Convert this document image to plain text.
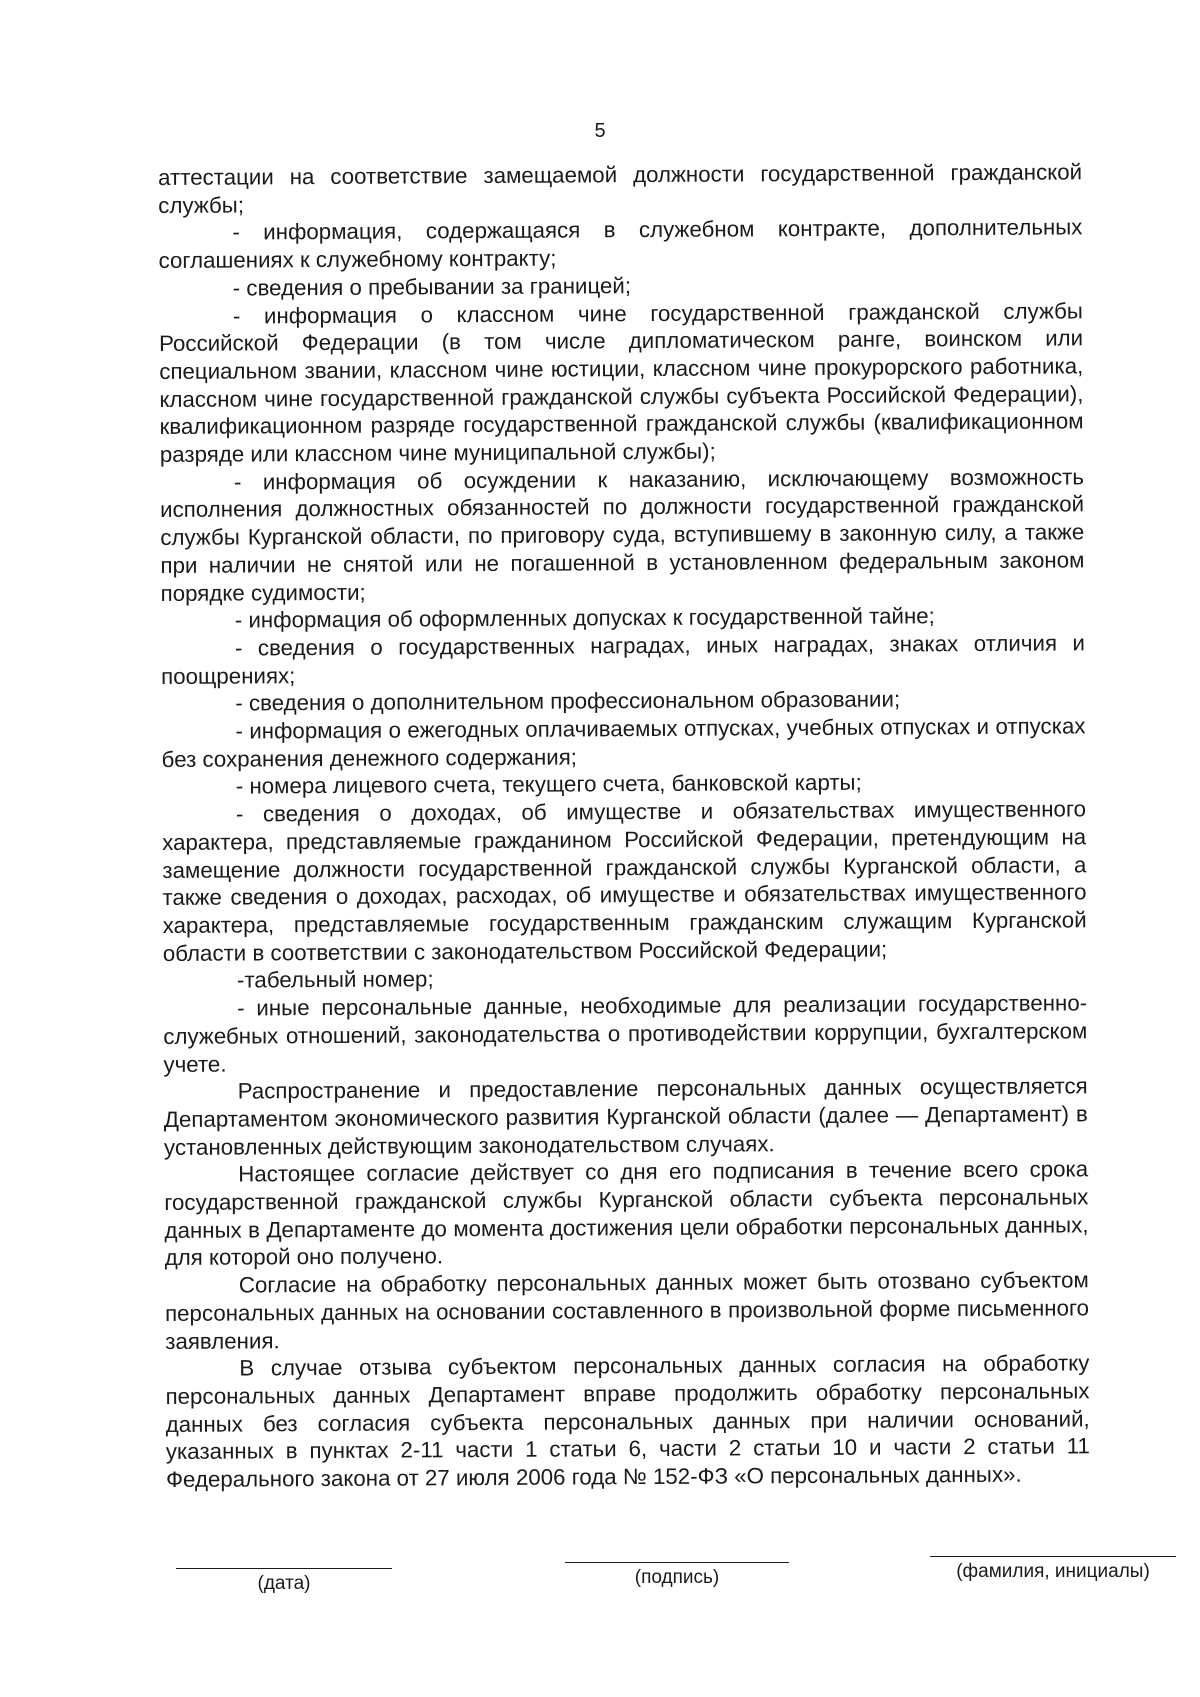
5

аттестации на соответствие замещаемой должности государственной гражданской службы;

- информация, содержащаяся в служебном контракте, дополнительных соглашениях к служебному контракту;

- сведения о пребывании за границей;

- информация о классном чине государственной гражданской службы Российской Федерации (в том числе дипломатическом ранге, воинском или специальном звании, классном чине юстиции, классном чине прокурорского работника, классном чине государственной гражданской службы субъекта Российской Федерации), квалификационном разряде государственной гражданской службы (квалификационном разряде или классном чине муниципальной службы);

- информация об осуждении к наказанию, исключающему возможность исполнения должностных обязанностей по должности государственной гражданской службы Курганской области, по приговору суда, вступившему в законную силу, а также при наличии не снятой или не погашенной в установленном федеральным законом порядке судимости;

- информация об оформленных допусках к государственной тайне;

- сведения о государственных наградах, иных наградах, знаках отличия и поощрениях;

- сведения о дополнительном профессиональном образовании;

- информация о ежегодных оплачиваемых отпусках, учебных отпусках и отпусках без сохранения денежного содержания;

- номера лицевого счета, текущего счета, банковской карты;

- сведения о доходах, об имуществе и обязательствах имущественного характера, представляемые гражданином Российской Федерации, претендующим на замещение должности государственной гражданской службы Курганской области, а также сведения о доходах, расходах, об имуществе и обязательствах имущественного характера, представляемые государственным гражданским служащим Курганской области в соответствии с законодательством Российской Федерации;

-табельный номер;

- иные персональные данные, необходимые для реализации государственно-служебных отношений, законодательства о противодействии коррупции, бухгалтерском учете.

Распространение и предоставление персональных данных осуществляется Департаментом экономического развития Курганской области (далее — Департамент) в установленных действующим законодательством случаях.

Настоящее согласие действует со дня его подписания в течение всего срока государственной гражданской службы Курганской области субъекта персональных данных в Департаменте до момента достижения цели обработки персональных данных, для которой оно получено.

Согласие на обработку персональных данных может быть отозвано субъектом персональных данных на основании составленного в произвольной форме письменного заявления.

В случае отзыва субъектом персональных данных согласия на обработку персональных данных Департамент вправе продолжить обработку персональных данных без согласия субъекта персональных данных при наличии оснований, указанных в пунктах 2-11 части 1 статьи 6, части 2 статьи 10 и части 2 статьи 11 Федерального закона от 27 июля 2006 года № 152-ФЗ «О персональных данных».

(дата)	(подпись)	(фамилия, инициалы)
